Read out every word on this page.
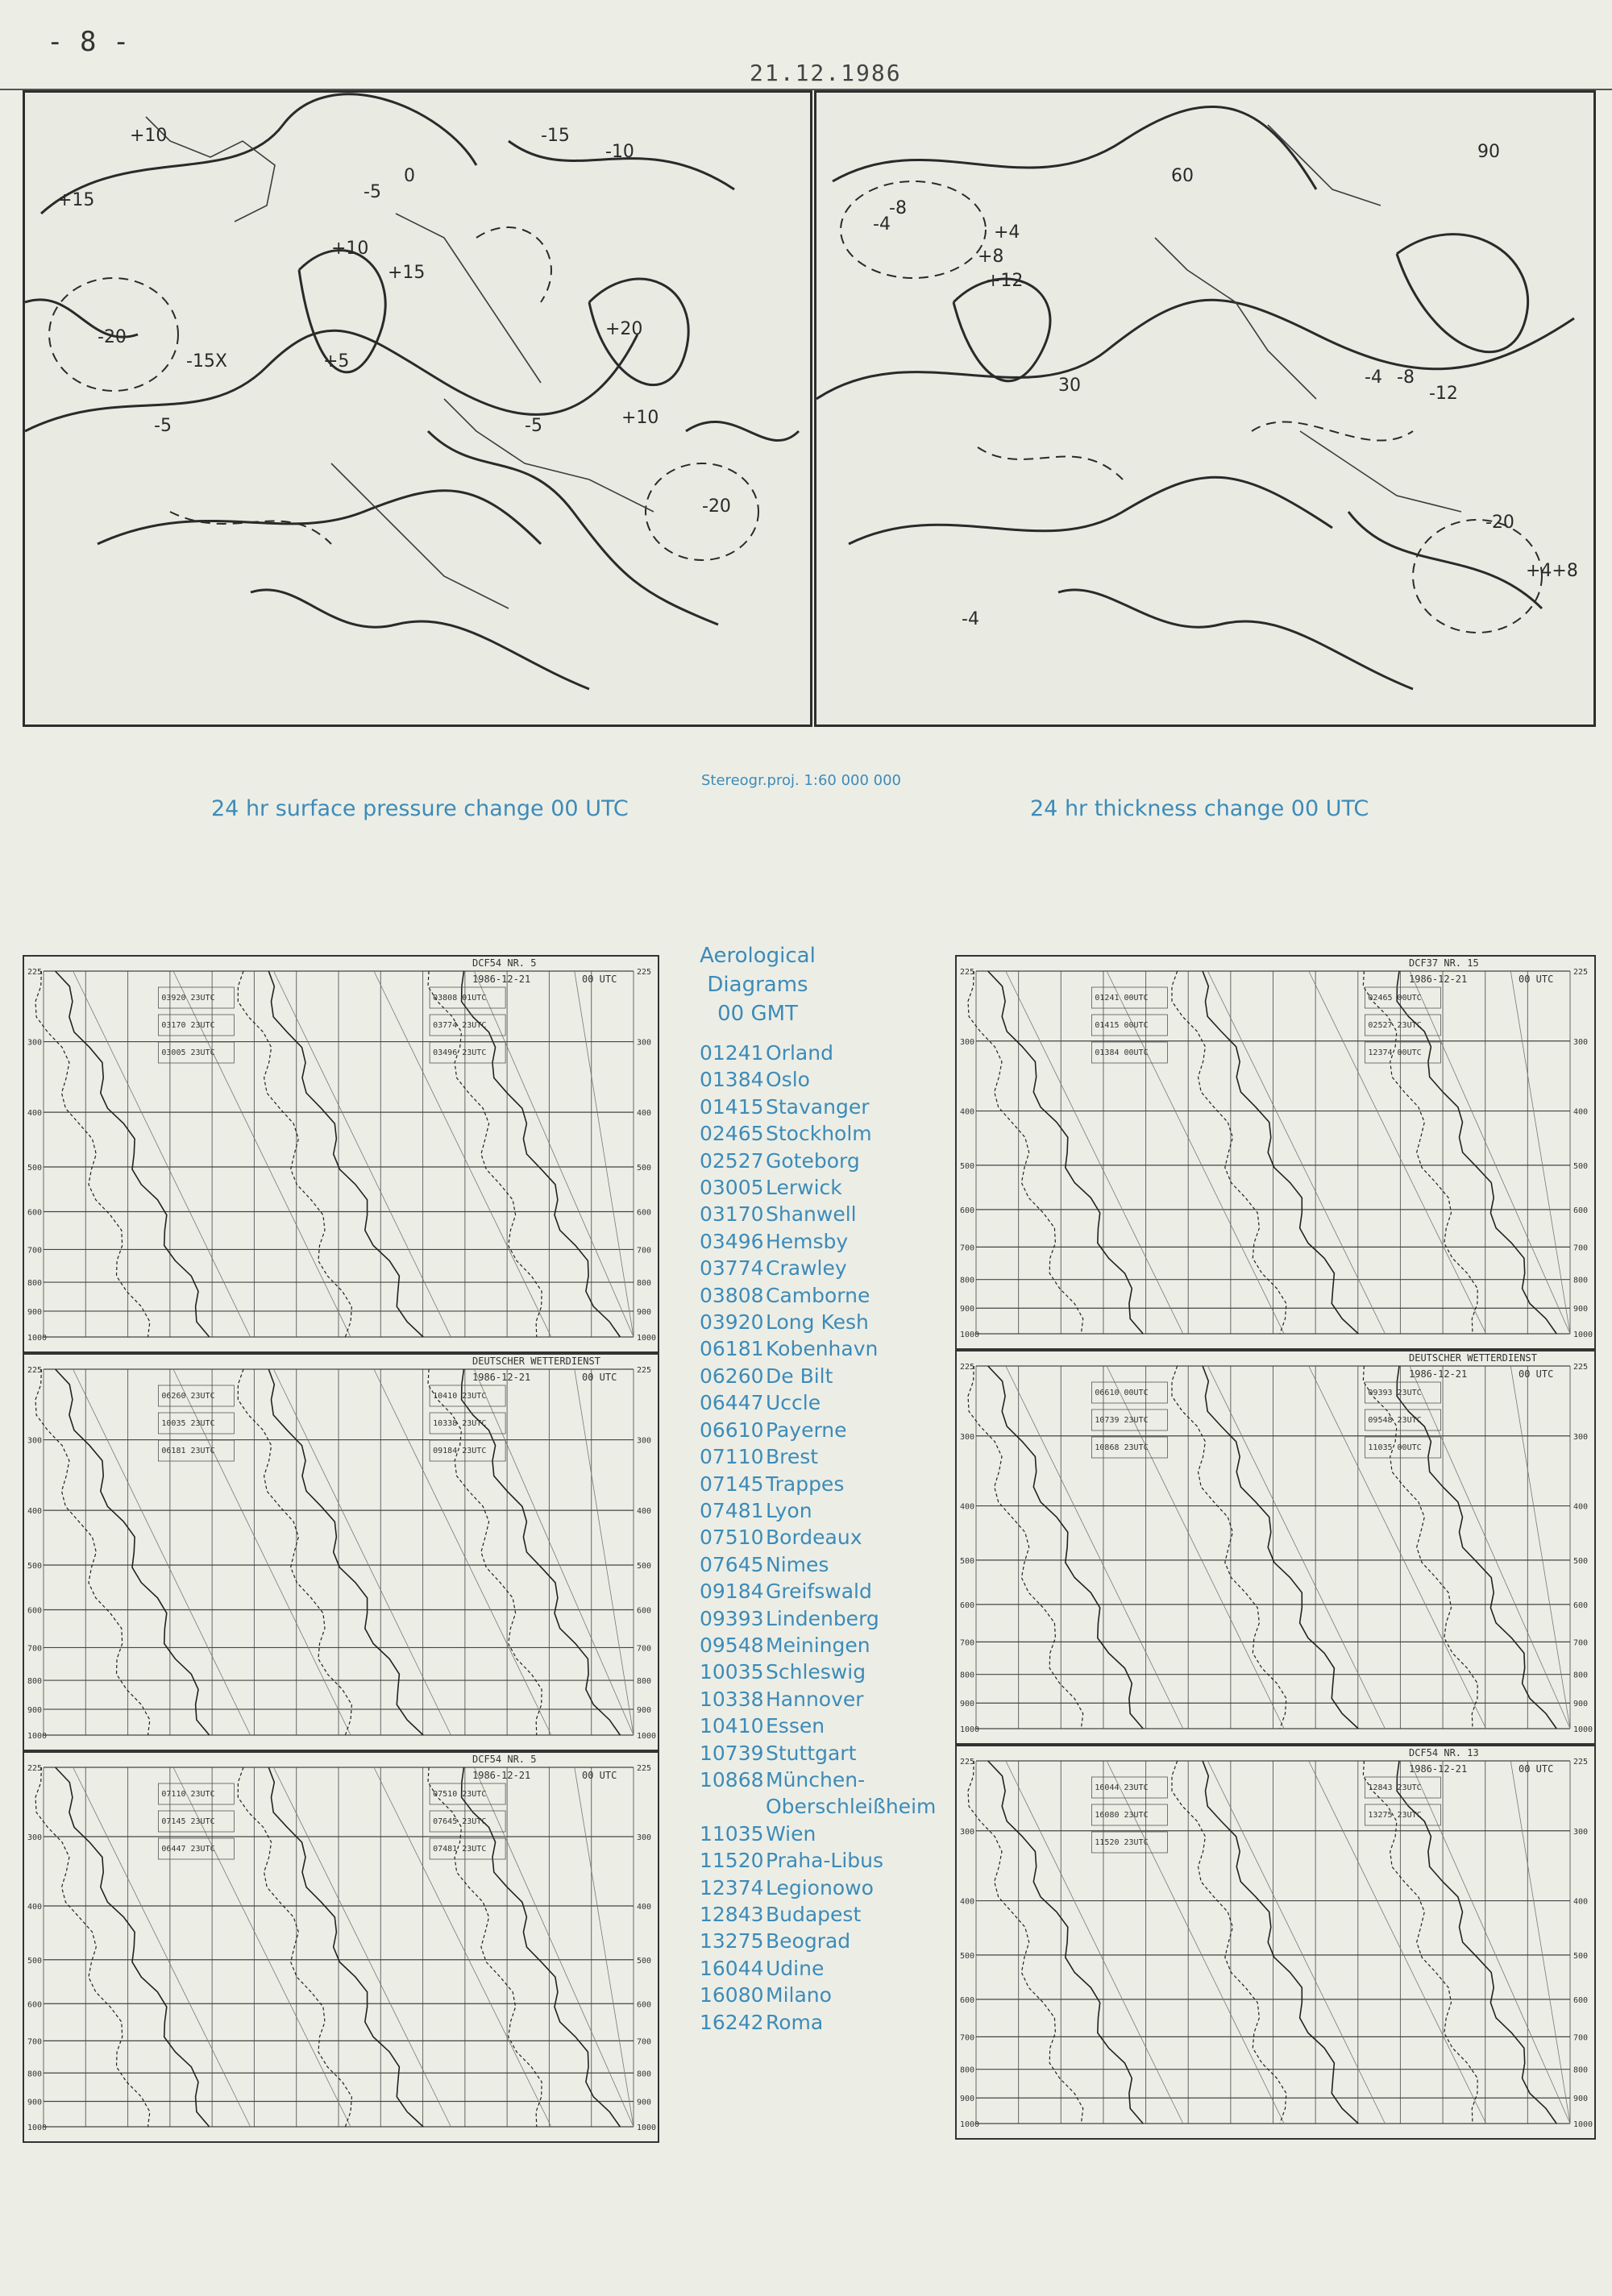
- 8 -
21.12.1986
+10
+15
+10
+15
+5
-5
-20
-15X
+20
-20
-15
-10
+10
-5
0
-5
+12
+8
+4
-8
-4
-8
-12
-20
-4
30
-4
+4+8
60
90
24 hr surface pressure change 00 UTC
Stereogr.proj. 1:60 000 000
24 hr thickness change 00 UTC
Aerological
Diagrams
00 GMT
01241 Orland
01384 Oslo
01415 Stavanger
02465 Stockholm
02527 Goteborg
03005 Lerwick
03170 Shanwell
03496 Hemsby
03774 Crawley
03808 Camborne
03920 Long Kesh
06181 Kobenhavn
06260 De Bilt
06447 Uccle
06610 Payerne
07110 Brest
07145 Trappes
07481 Lyon
07510 Bordeaux
07645 Nimes
09184 Greifswald
09393 Lindenberg
09548 Meiningen
10035 Schleswig
10338 Hannover
10410 Essen
10739 Stuttgart
10868 München-
Oberschleißheim
11035 Wien
11520 Praha-Libus
12374 Legionowo
12843 Budapest
13275 Beograd
16044 Udine
16080 Milano
16242 Roma
225	225
300	300
400	400
500	500
600	600
700	700
800	800
900	900
1000	1000
DCF54 NR. 5
1986-12-21	00 UTC
03920 23UTC
03170 23UTC
03005 23UTC
03808 01UTC
03774 23UTC
03496 23UTC
225	225
300	300
400	400
500	500
600	600
700	700
800	800
900	900
1000	1000
DEUTSCHER WETTERDIENST
1986-12-21	00 UTC
06260 23UTC
10035 23UTC
06181 23UTC
10410 23UTC
10338 23UTC
09184 23UTC
225	225
300	300
400	400
500	500
600	600
700	700
800	800
900	900
1000	1000
DCF54 NR. 5
1986-12-21	00 UTC
07110 23UTC
07145 23UTC
06447 23UTC
07510 23UTC
07645 23UTC
07481 23UTC
225	225
300	300
400	400
500	500
600	600
700	700
800	800
900	900
1000	1000
DCF37 NR. 15
1986-12-21	00 UTC
01241 00UTC
01415 00UTC
01384 00UTC
02465 00UTC
02527 23UTC
12374 00UTC
225	225
300	300
400	400
500	500
600	600
700	700
800	800
900	900
1000	1000
DEUTSCHER WETTERDIENST
1986-12-21	00 UTC
06610 00UTC
10739 23UTC
10868 23UTC
09393 23UTC
09548 23UTC
11035 00UTC
225	225
300	300
400	400
500	500
600	600
700	700
800	800
900	900
1000	1000
DCF54 NR. 13
1986-12-21	00 UTC
16044 23UTC
16080 23UTC
11520 23UTC
12843 23UTC
13275 23UTC
